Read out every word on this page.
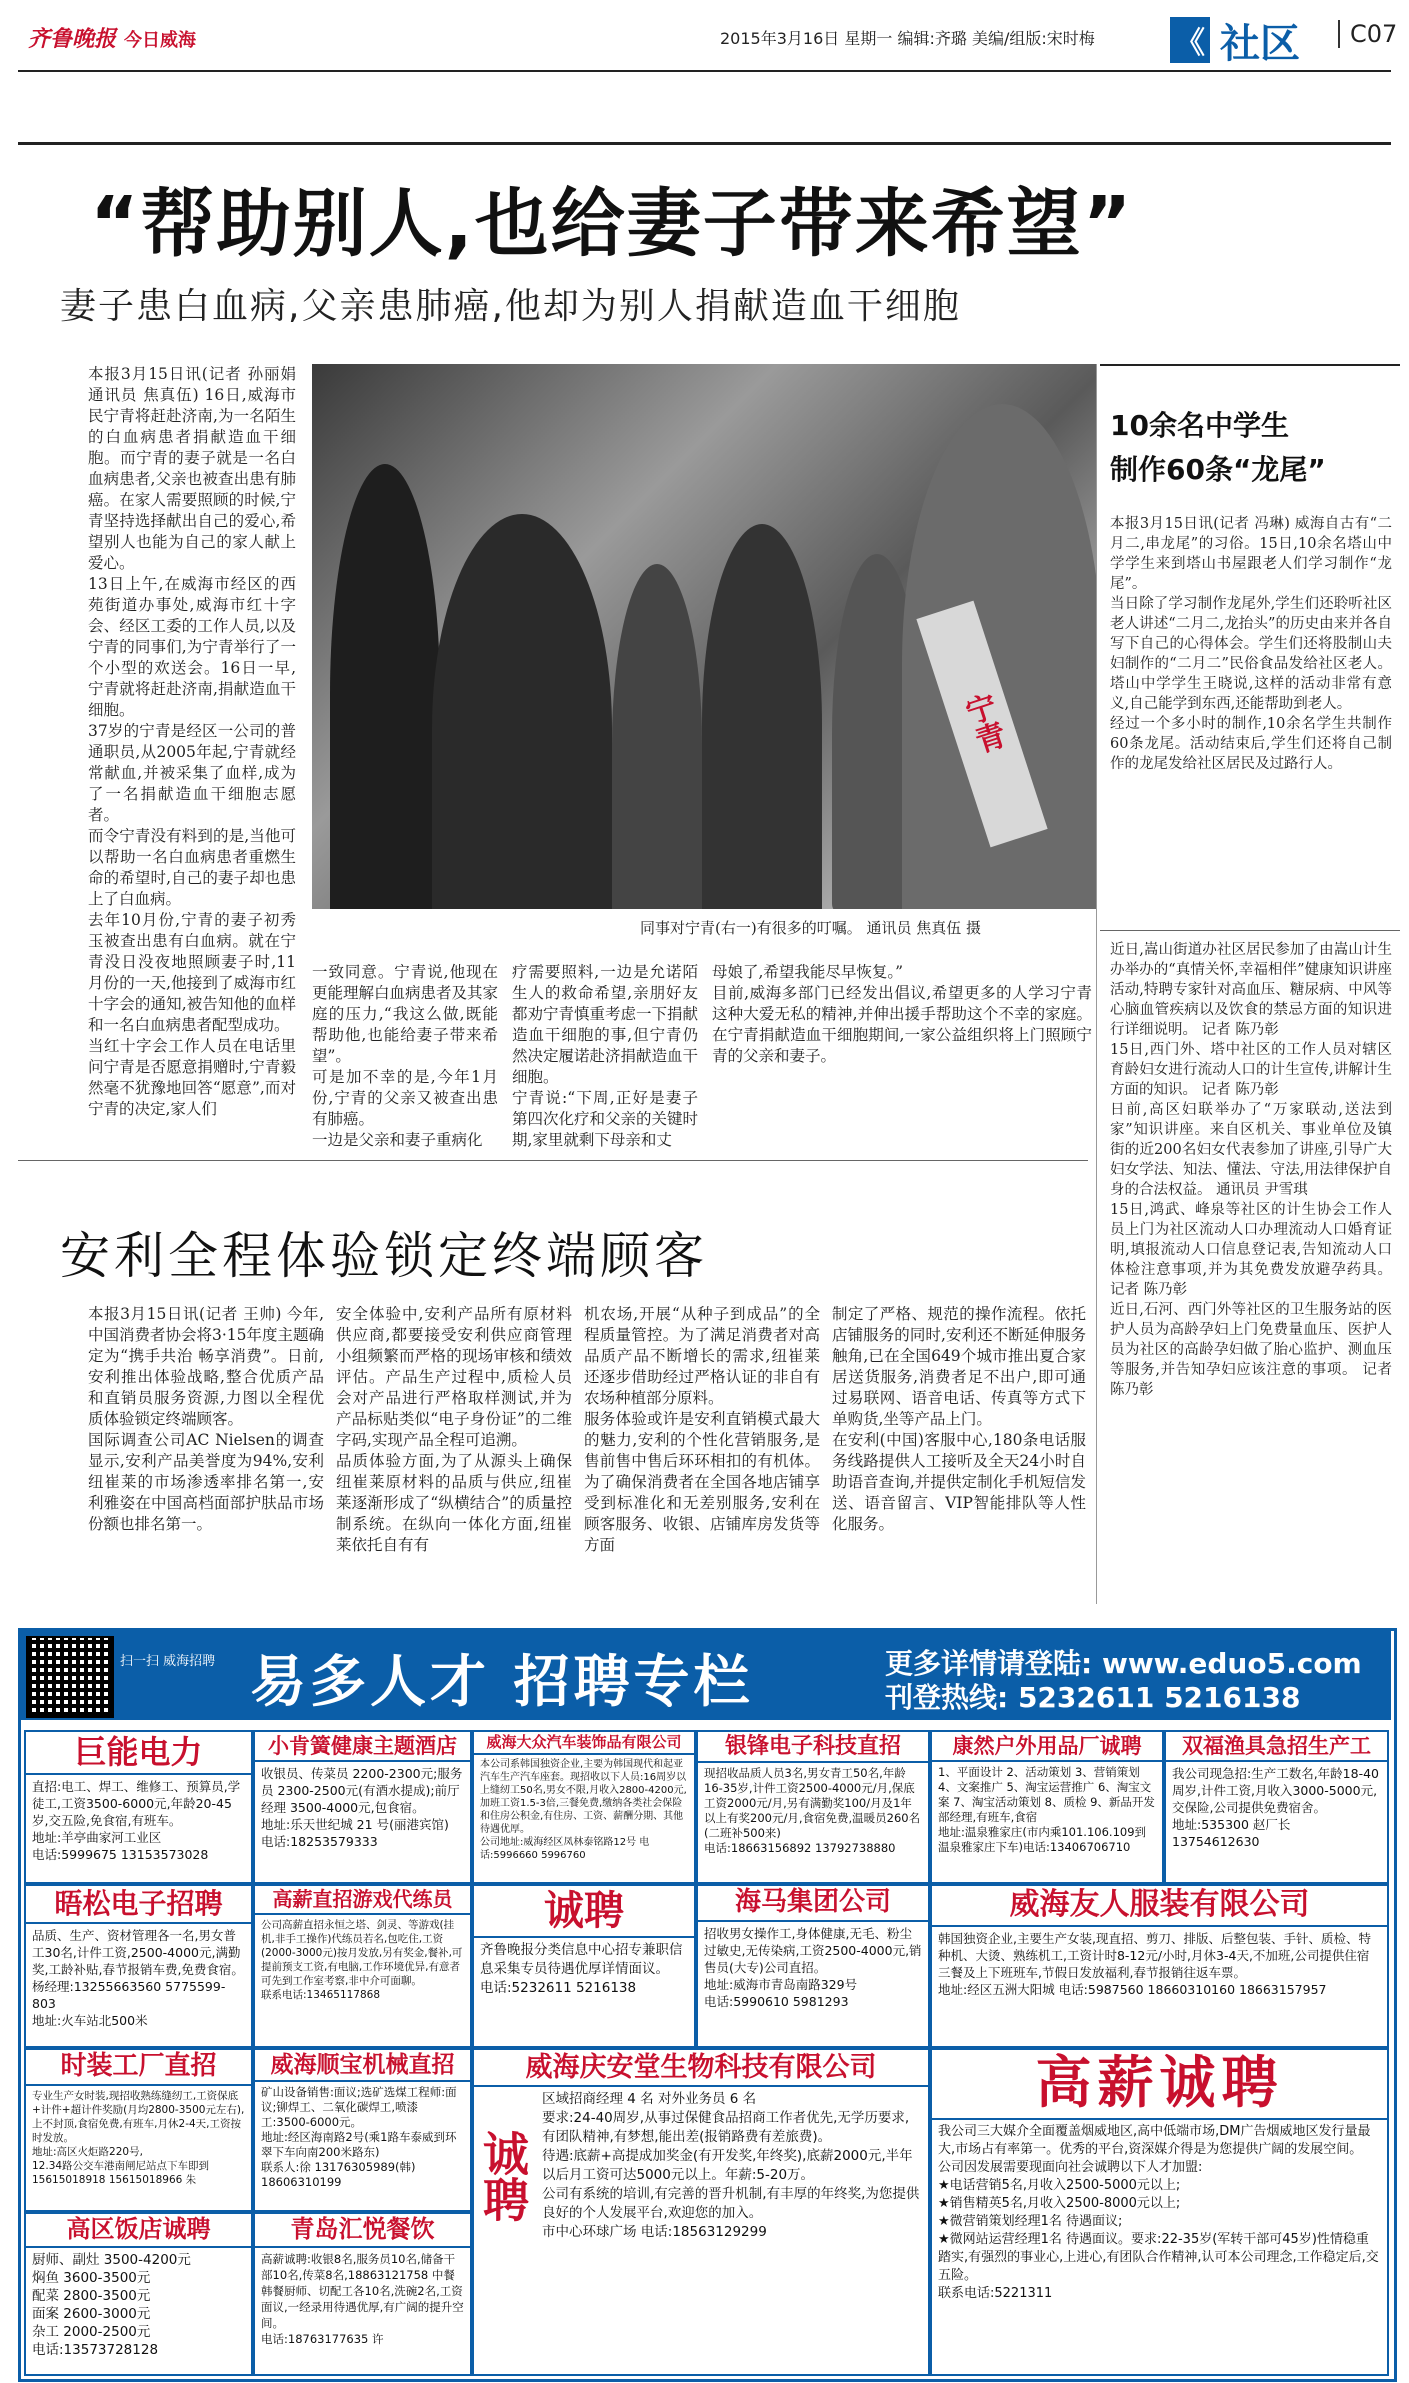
齐鲁晚报 今日威海	2015年3月16日 星期一 编辑:齐璐 美编/组版:宋时梅	《 社区	C07
“帮助别人,也给妻子带来希望”
妻子患白血病,父亲患肺癌,他却为别人捐献造血干细胞
本报3月15日讯(记者 孙丽娟 通讯员 焦真伍) 16日,威海市民宁青将赶赴济南,为一名陌生的白血病患者捐献造血干细胞。而宁青的妻子就是一名白血病患者,父亲也被查出患有肺癌。在家人需要照顾的时候,宁青坚持选择献出自己的爱心,希望别人也能为自己的家人献上爱心。
13日上午,在威海市经区的西苑街道办事处,威海市红十字会、经区工委的工作人员,以及宁青的同事们,为宁青举行了一个小型的欢送会。16日一早,宁青就将赶赴济南,捐献造血干细胞。
37岁的宁青是经区一公司的普通职员,从2005年起,宁青就经常献血,并被采集了血样,成为了一名捐献造血干细胞志愿者。
而令宁青没有料到的是,当他可以帮助一名白血病患者重燃生命的希望时,自己的妻子却也患上了白血病。
去年10月份,宁青的妻子初秀玉被查出患有白血病。就在宁青没日没夜地照顾妻子时,11月份的一天,他接到了威海市红十字会的通知,被告知他的血样和一名白血病患者配型成功。
当红十字会工作人员在电话里问宁青是否愿意捐赠时,宁青毅然毫不犹豫地回答“愿意”,而对宁青的决定,家人们
宁青
同事对宁青(右一)有很多的叮嘱。 通讯员 焦真伍 摄
一致同意。宁青说,他现在更能理解白血病患者及其家庭的压力,“我这么做,既能帮助他,也能给妻子带来希望”。
可是加不幸的是,今年1月份,宁青的父亲又被查出患有肺癌。
一边是父亲和妻子重病化
疗需要照料,一边是允诺陌生人的救命希望,亲朋好友都劝宁青慎重考虑一下捐献造血干细胞的事,但宁青仍然决定履诺赴济捐献造血干细胞。
宁青说:“下周,正好是妻子第四次化疗和父亲的关键时期,家里就剩下母亲和丈
母娘了,希望我能尽早恢复。”
目前,威海多部门已经发出倡议,希望更多的人学习宁青这种大爱无私的精神,并伸出援手帮助这个不幸的家庭。在宁青捐献造血干细胞期间,一家公益组织将上门照顾宁青的父亲和妻子。
10余名中学生
制作60条“龙尾”
本报3月15日讯(记者 冯琳) 威海自古有“二月二,串龙尾”的习俗。15日,10余名塔山中学学生来到塔山书屋跟老人们学习制作“龙尾”。
当日除了学习制作龙尾外,学生们还聆听社区老人讲述“二月二,龙抬头”的历史由来并各自写下自己的心得体会。学生们还将股制山夫妇制作的“二月二”民俗食品发给社区老人。塔山中学学生王晓说,这样的活动非常有意义,自己能学到东西,还能帮助到老人。
经过一个多小时的制作,10余名学生共制作60条龙尾。活动结束后,学生们还将自己制作的龙尾发给社区居民及过路行人。
近日,嵩山街道办社区居民参加了由嵩山计生办举办的“真情关怀,幸福相伴”健康知识讲座活动,特聘专家针对高血压、糖尿病、中风等心脑血管疾病以及饮食的禁忌方面的知识进行详细说明。 记者 陈乃彰
15日,西门外、塔中社区的工作人员对辖区育龄妇女进行流动人口的计生宣传,讲解计生方面的知识。 记者 陈乃彰
日前,高区妇联举办了“万家联动,送法到家”知识讲座。来自区机关、事业单位及镇街的近200名妇女代表参加了讲座,引导广大妇女学法、知法、懂法、守法,用法律保护自身的合法权益。 通讯员 尹雪琪
15日,鸿武、峰泉等社区的计生协会工作人员上门为社区流动人口办理流动人口婚育证明,填报流动人口信息登记表,告知流动人口体检注意事项,并为其免费发放避孕药具。 记者 陈乃彰
近日,石河、西门外等社区的卫生服务站的医护人员为高龄孕妇上门免费量血压、医护人员为社区的高龄孕妇做了胎心监护、测血压等服务,并告知孕妇应该注意的事项。 记者 陈乃彰
安利全程体验锁定终端顾客
本报3月15日讯(记者 王帅) 今年,中国消费者协会将3·15年度主题确定为“携手共治 畅享消费”。日前,安利推出体验战略,整合优质产品和直销员服务资源,力图以全程优质体验锁定终端顾客。
国际调查公司AC Nielsen的调查显示,安利产品美誉度为94%,安利纽崔莱的市场渗透率排名第一,安利雅姿在中国高档面部护肤品市场份额也排名第一。
安全体验中,安利产品所有原材料供应商,都要接受安利供应商管理小组频繁而严格的现场审核和绩效评估。产品生产过程中,质检人员会对产品进行严格取样测试,并为产品标贴类似“电子身份证”的二维字码,实现产品全程可追溯。
品质体验方面,为了从源头上确保纽崔莱原材料的品质与供应,纽崔莱逐渐形成了“纵横结合”的质量控制系统。在纵向一体化方面,纽崔莱依托自有有
机农场,开展“从种子到成品”的全程质量管控。为了满足消费者对高品质产品不断增长的需求,纽崔莱还逐步借助经过严格认证的非自有农场种植部分原料。
服务体验或许是安利直销模式最大的魅力,安利的个性化营销服务,是售前售中售后环环相扣的有机体。为了确保消费者在全国各地店铺享受到标准化和无差别服务,安利在顾客服务、收银、店铺库房发货等方面
制定了严格、规范的操作流程。依托店铺服务的同时,安利还不断延伸服务触角,已在全国649个城市推出夏合家居送货服务,消费者足不出户,即可通过易联网、语音电话、传真等方式下单购货,坐等产品上门。
在安利(中国)客服中心,180条电话服务线路提供人工接听及全天24小时自助语音查询,并提供定制化手机短信发送、语音留言、VIP智能排队等人性化服务。
扫一扫 威海招聘 易多人才 招聘专栏	更多详情请登陆: www.eduo5.com
刊登热线: 5232611 5216138
巨能电力
直招:电工、焊工、维修工、预算员,学徒工,工资3500-6000元,年龄20-45岁,交五险,免食宿,有班车。
地址:羊亭曲家河工业区
电话:5999675 13153573028
小肯簧健康主题酒店
收银员、传菜员 2200-2300元;服务员 2300-2500元(有酒水提成);前厅经理 3500-4000元,包食宿。
地址:乐天世纪城 21 号(丽港宾馆)
电话:18253579333
威海大众汽车装饰品有限公司
本公司系韩国独资企业,主要为韩国现代和起亚汽车生产汽车座套。现招收以下人员:16周岁以上缝纫工50名,男女不限,月收入2800-4200元,加班工资1.5-3倍,三餐免费,缴纳各类社会保险和住房公积金,有住房、工资、薪酬分期、其他待遇优厚。
公司地址:威海经区凤林泰铭路12号 电话:5996660 5996760
银锋电子科技直招
现招收品质人员3名,男女青工50名,年龄16-35岁,计件工资2500-4000元/月,保底工资2000元/月,另有满勤奖100/月及1年以上有奖200元/月,食宿免费,温暖员260名(二班补500来)
电话:18663156892 13792738880
康然户外用品厂诚聘
1、平面设计 2、活动策划 3、营销策划 4、文案推广 5、淘宝运营推广 6、淘宝文案 7、淘宝活动策划 8、质检 9、新品开发部经理,有班车,食宿
地址:温泉雅家庄(市内乘101.106.109到温泉雅家庄下车)电话:13406706710
双福渔具急招生产工
我公司现急招:生产工数名,年龄18-40周岁,计件工资,月收入3000-5000元,交保险,公司提供免费宿舍。
地址:535300 赵厂长 13754612630
晤松电子招聘
品质、生产、资材管理各一名,男女普工30名,计件工资,2500-4000元,满勤奖,工龄补贴,春节报销车费,免费食宿。
杨经理:13255663560 5775599-803
地址:火车站北500米
高薪直招游戏代练员
公司高薪直招永恒之塔、剑灵、等游戏(挂机,非手工操作)代练员若名,包吃住,工资(2000-3000元)按月发放,另有奖金,餐补,可提前预支工资,有电脑,工作环境优异,有意者可先到工作室考察,非中介可面聊。
联系电话:13465117868
诚聘
齐鲁晚报分类信息中心招专兼职信息采集专员待遇优厚详情面议。
电话:5232611 5216138
海马集团公司
招收男女操作工,身体健康,无毛、粉尘过敏史,无传染病,工资2500-4000元,销售员(大专)公司直招。
地址:威海市青岛南路329号
电话:5990610 5981293
威海友人服装有限公司
韩国独资企业,主要生产女装,现直招、剪刀、排版、后整包装、手针、质检、特种机、大烫、熟练机工,工资计时8-12元/小时,月休3-4天,不加班,公司提供住宿三餐及上下班班车,节假日发放福利,春节报销往返车票。
地址:经区五洲大阳城 电话:5987560 18660310160 18663157957
时装工厂直招
专业生产女时装,现招收熟练缝纫工,工资保底+计件+超计件奖励(月均2800-3500元左右),上不封顶,食宿免费,有班车,月休2-4天,工资按时发放。
地址:高区火炬路220号,
12.34路公交车港南闸尼站点下车即到
15615018918 15615018966 朱
威海顺宝机械直招
矿山设备销售:面议;选矿选煤工程师:面议;铆焊工、二氧化碳焊工,喷漆工:3500-6000元。
地址:经区海南路2号(乘1路车泰威到环翠下车向南200米路东)
联系人:徐 13176305989(韩) 18606310199
威海庆安堂生物科技有限公司
诚聘
区域招商经理 4 名 对外业务员 6 名
要求:24-40周岁,从事过保健食品招商工作者优先,无学历要求,有团队精神,有梦想,能出差(报销路费有差旅费)。
待遇:底薪+高提成加奖金(有开发奖,年终奖),底薪2000元,半年以后月工资可达5000元以上。年薪:5-20万。
公司有系统的培训,有完善的晋升机制,有丰厚的年终奖,为您提供良好的个人发展平台,欢迎您的加入。
市中心环球广场 电话:18563129299
高薪诚聘
我公司三大媒介全面覆盖烟威地区,高中低端市场,DM广告烟威地区发行量最大,市场占有率第一。优秀的平台,资深媒介得是为您提供广阔的发展空间。
公司因发展需要现面向社会诚聘以下人才加盟:
★电话营销5名,月收入2500-5000元以上;
★销售精英5名,月收入2500-8000元以上;
★微营销策划经理1名 待遇面议;
★微网站运营经理1名 待遇面议。要求:22-35岁(军转干部可45岁)性情稳重踏实,有强烈的事业心,上进心,有团队合作精神,认可本公司理念,工作稳定后,交五险。
联系电话:5221311
高区饭店诚聘
厨师、副灶 3500-4200元
焖鱼 3600-3500元
配菜 2800-3500元
面案 2600-3000元
杂工 2000-2500元
电话:13573728128
青岛汇悦餐饮
高薪诚聘:收银8名,服务员10名,储备干部10名,传菜8名,18863121758 中餐韩餐厨师、切配工各10名,洗碗2名,工资面议,一经录用待遇优厚,有广阔的提升空间。
电话:18763177635 许
